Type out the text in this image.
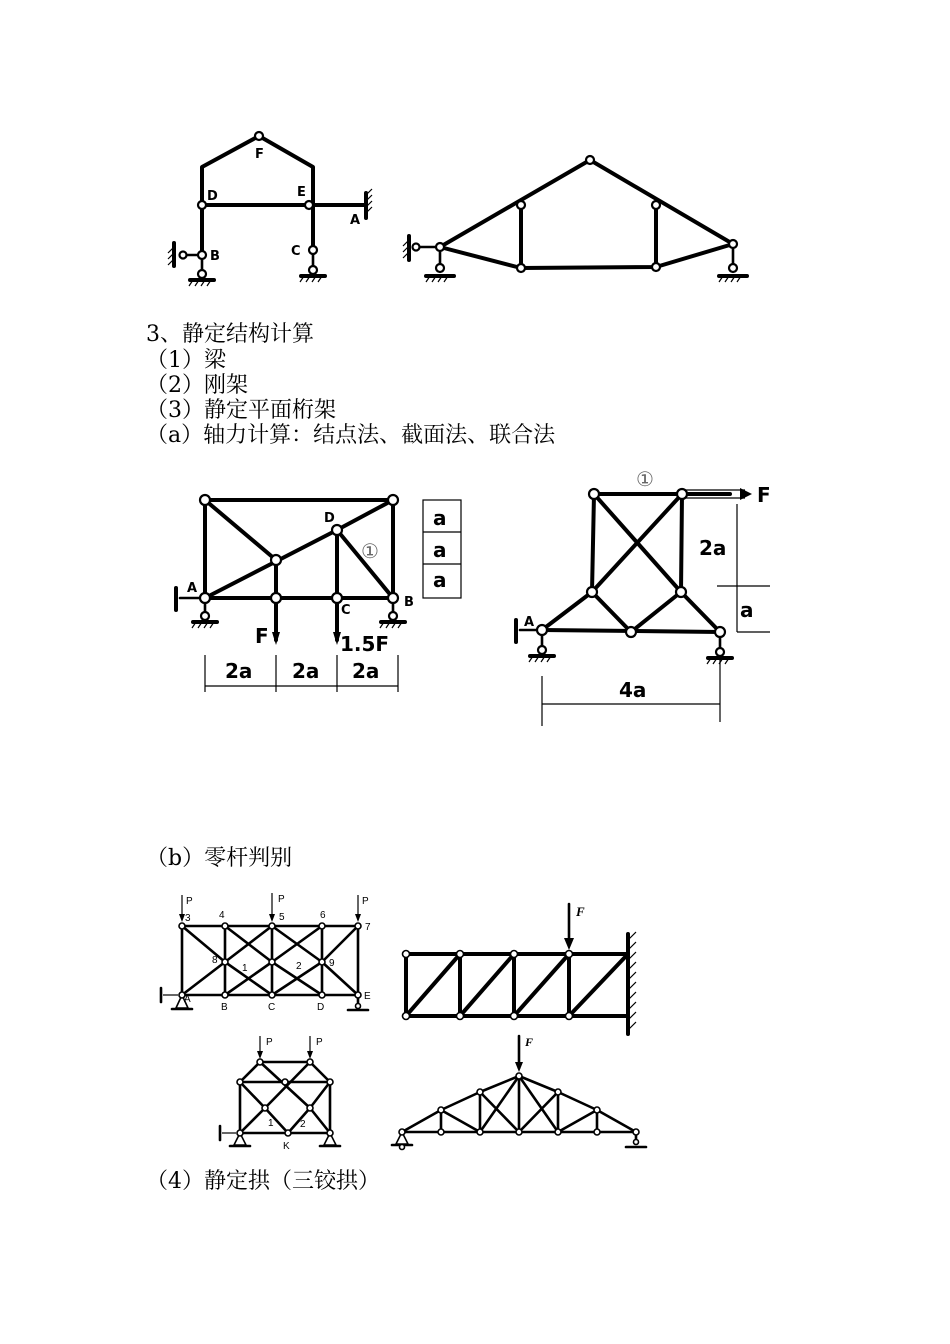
F
D	E
A
B	C
3、静定结构计算
（1）梁
（2）刚架
（3）静定平面桁架
（a）轴力计算：结点法、截面法、联合法
a
a
a
F	1.5F
A
B
C
D
①
2a 2a 2a
F
①
2a
a
4a
A
（b）零杆判别
P	P	P
3	4	5	6
7
8	9
1	2
A
B	C	D
E
F
P	P
1	2
K
F
（4）静定拱（三铰拱）
